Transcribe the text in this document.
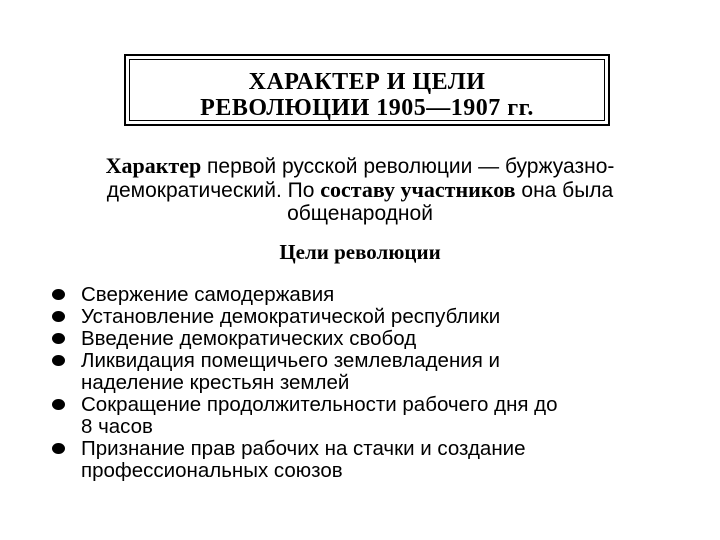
ХАРАКТЕР И ЦЕЛИ
РЕВОЛЮЦИИ 1905—1907 гг.
Характер первой русской революции — буржуазно-
демократический. По составу участников она была
общенародной
Цели революции
Свержение самодержавия
Установление демократической республики
Введение демократических свобод
Ликвидация помещичьего землевладения и
наделение крестьян землей
Сокращение продолжительности рабочего дня до
8 часов
Признание прав рабочих на стачки и создание
профессиональных союзов
